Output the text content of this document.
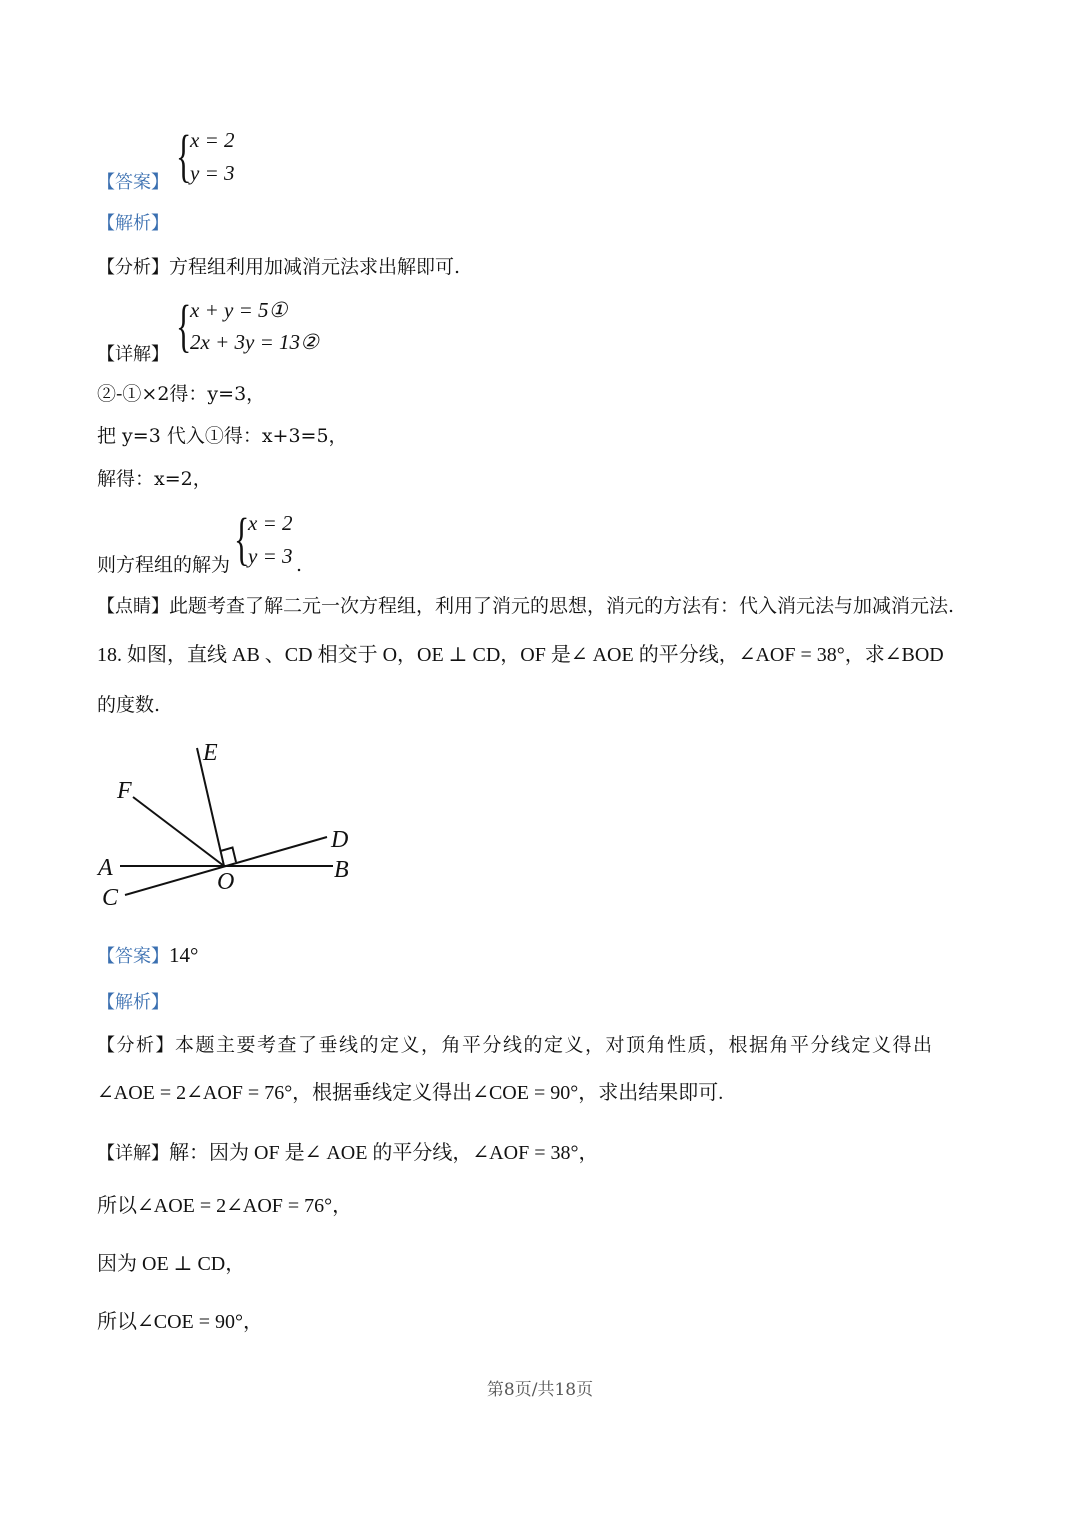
{
x = 2
y = 3
【答案】
【解析】
【分析】方程组利用加减消元法求出解即可.
{
x + y = 5①
2x + 3y = 13②
【详解】
②-①×2得：y=3，
把 y=3 代入①得：x+3=5，
解得：x=2，
{
x = 2
y = 3
则方程组的解为	.
【点睛】此题考查了解二元一次方程组，利用了消元的思想，消元的方法有：代入消元法与加减消元法.
18. 如图，直线 AB 、CD 相交于 O，OE ⊥ CD，OF 是∠ AOE 的平分线，∠AOF = 38°，求∠BOD
的度数.
E
F
D
A	B
O
C
【答案】14°
【解析】
【分析】本题主要考查了垂线的定义，角平分线的定义，对顶角性质，根据角平分线定义得出
∠AOE = 2∠AOF = 76°，根据垂线定义得出∠COE = 90°，求出结果即可.
【详解】解：因为 OF 是∠ AOE 的平分线，∠AOF = 38°，
所以∠AOE = 2∠AOF = 76°，
因为 OE ⊥ CD，
所以∠COE = 90°，
第8页/共18页
